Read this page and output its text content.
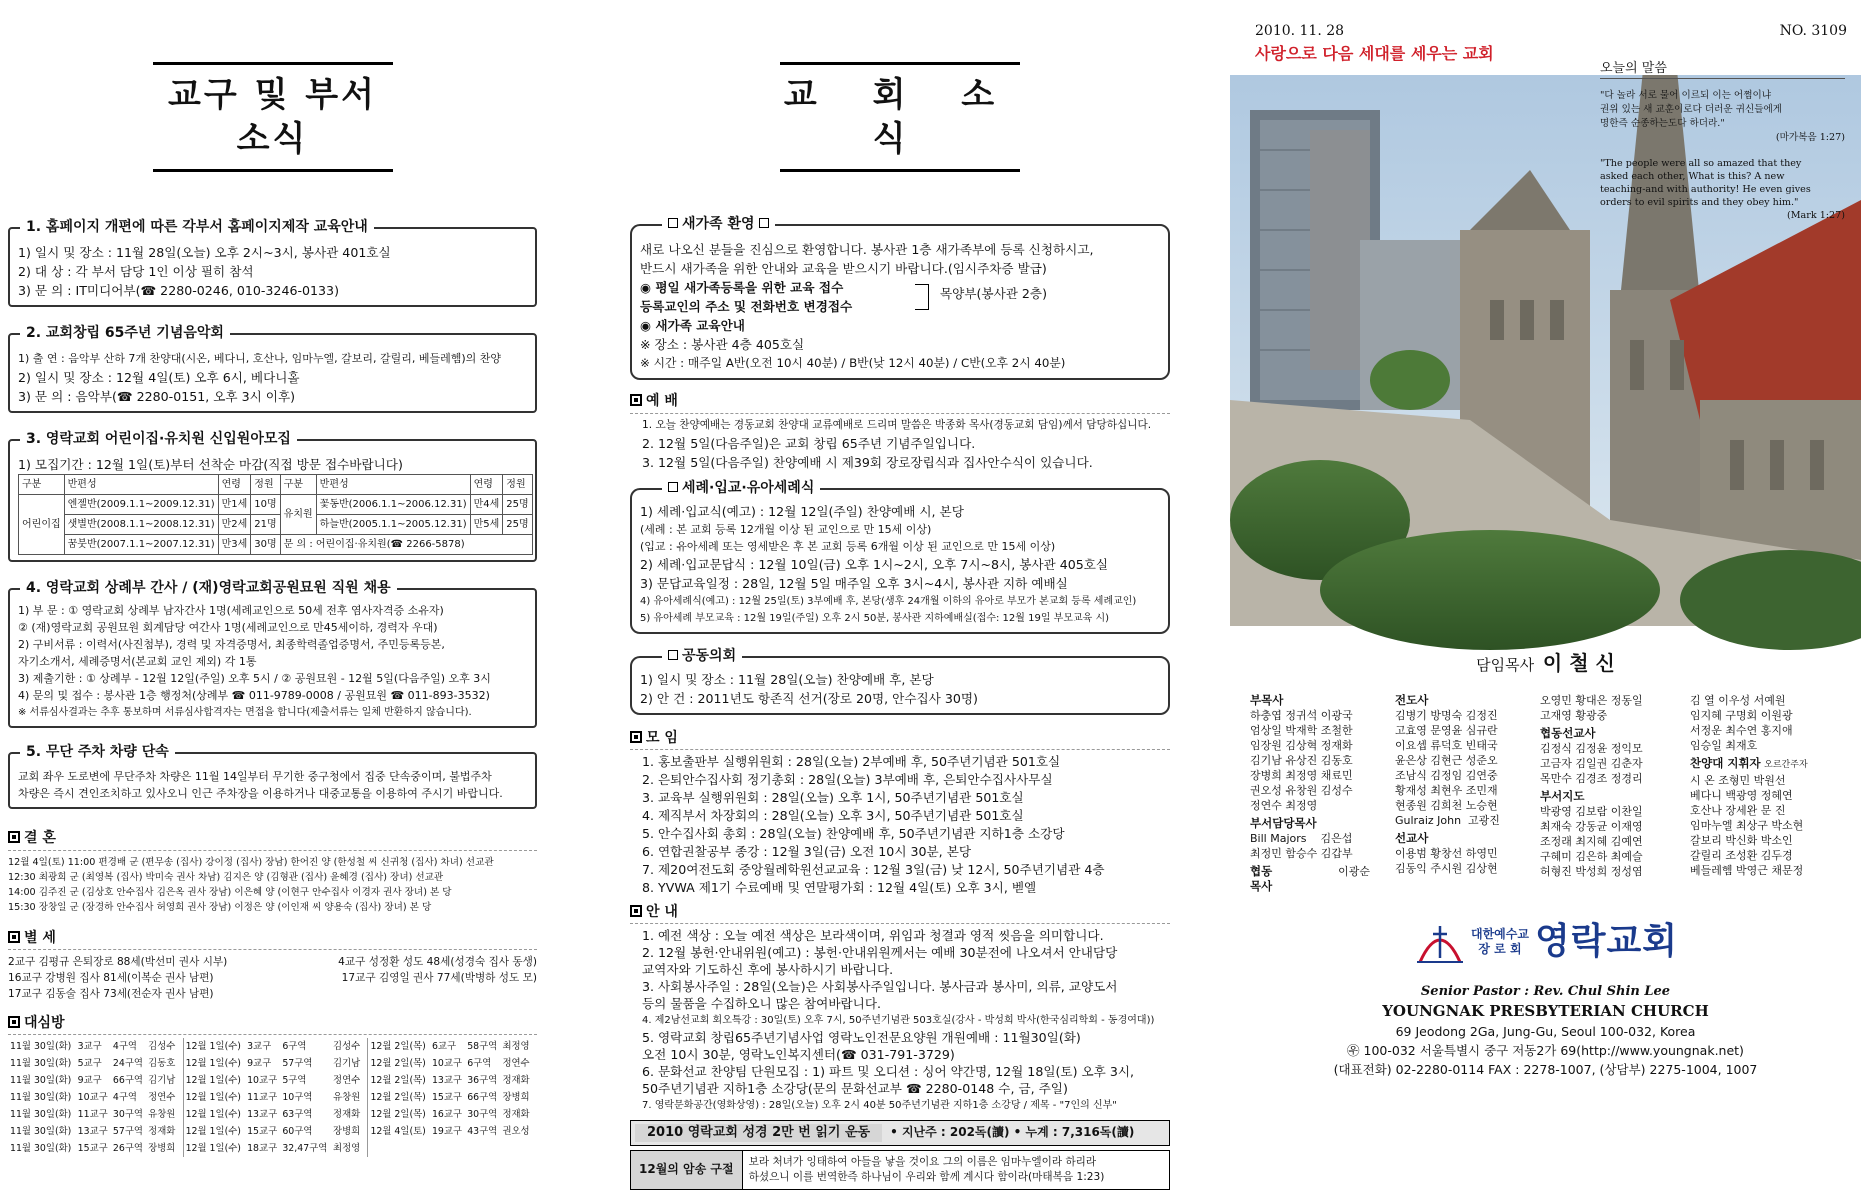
교구 및 부서소식
1. 홈페이지 개편에 따른 각부서 홈페이지제작 교육안내
1) 일시 및 장소 : 11월 28일(오늘) 오후 2시~3시, 봉사관 401호실
2) 대 상 : 각 부서 담당 1인 이상 필히 참석
3) 문 의 : IT미디어부(☎ 2280-0246, 010-3246-0133)
2. 교회창립 65주년 기념음악회
1) 출 연 : 음악부 산하 7개 찬양대(시온, 베다니, 호산나, 임마누엘, 갈보리, 갈릴리, 베들레헴)의 찬양
2) 일시 및 장소 : 12월 4일(토) 오후 6시, 베다니홀
3) 문 의 : 음악부(☎ 2280-0151, 오후 3시 이후)
3. 영락교회 어린이집·유치원 신입원아모집
1) 모집기간 : 12월 1일(토)부터 선착순 마감(직접 방문 접수바랍니다)
구분	반편성	연령	정원	구분	반편성	연령	정원
어린이집	엔젤반(2009.1.1~2009.12.31)	만1세	10명	유치원	꽃동반(2006.1.1~2006.12.31)	만4세	25명
	샛별반(2008.1.1~2008.12.31)	만2세	21명		하늘반(2005.1.1~2005.12.31)	만5세	25명
	꿈붓반(2007.1.1~2007.12.31)	만3세	30명	문 의 : 어린이집·유치원(☎ 2266-5878)			
4. 영락교회 상례부 간사 / (재)영락교회공원묘원 직원 채용
1) 부 문 : ① 영락교회 상례부 남자간사 1명(세례교인으로 50세 전후 염사자격증 소유자)
② (재)영락교회 공원묘원 회계담당 여간사 1명(세례교인으로 만45세이하, 경력자 우대)
2) 구비서류 : 이력서(사진첨부), 경력 및 자격증명서, 최종학력졸업증명서, 주민등록등본,
자기소개서, 세례증명서(본교회 교인 제외) 각 1통
3) 제출기한 : ① 상례부 - 12월 12일(주일) 오후 5시 / ② 공원묘원 - 12월 5일(다음주일) 오후 3시
4) 문의 및 접수 : 봉사관 1층 행정처(상례부 ☎ 011-9789-0008 / 공원묘원 ☎ 011-893-3532)
※ 서류심사결과는 추후 통보하며 서류심사합격자는 면접을 합니다(제출서류는 일체 반환하지 않습니다).
5. 무단 주차 차량 단속
교회 좌우 도로변에 무단주차 차량은 11월 14일부터 무기한 중구청에서 집중 단속중이며, 불법주차
차량은 즉시 견인조치하고 있사오니 인근 주차장을 이용하거나 대중교통을 이용하여 주시기 바랍니다.
결 혼
12월 4일(토) 11:00 편경배 군 (편무송 (집사) 강이정 (집사) 장남) 한어진 양 (한성철 씨 신귀청 (집사) 차녀) 선교관
12:30 최광희 군 (최영복 (집사) 박미숙 권사 차남) 김지은 양 (김형관 (집사) 윤혜경 (집사) 장녀) 선교관
14:00 김주진 군 (김상호 안수집사 김은옥 권사 장남) 이은혜 양 (이현구 안수집사 이경자 권사 장녀) 본 당
15:30 장창일 군 (장경하 안수집사 허영희 권사 장남) 이정은 양 (이인재 씨 양용숙 (집사) 장녀) 본 당
별 세
2교구 김평규 은퇴장로 88세(박선미 권사 시부)	4교구 성정환 성도 48세(성경숙 집사 동생)
16교구 강병원 집사 81세(이복순 권사 남편)	17교구 김영일 권사 77세(박병하 성도 모)
17교구 김동술 집사 73세(전순자 권사 남편)
대심방
11월 30일(화)	3교구	4구역	김성수	12월 1일(수)	3교구	6구역	김성수	12월 2일(목)	6교구	58구역	최정영
11월 30일(화)	5교구	24구역	김동호	12월 1일(수)	9교구	57구역	김기남	12월 2일(목)	10교구	6구역	정연수
11월 30일(화)	9교구	66구역	김기남	12월 1일(수)	10교구	5구역	정연수	12월 2일(목)	13교구	36구역	정재화
11월 30일(화)	10교구	4구역	정연수	12월 1일(수)	11교구	10구역	유창원	12월 2일(목)	15교구	66구역	장병희
11월 30일(화)	11교구	30구역	유창원	12월 1일(수)	13교구	63구역	정재화	12월 2일(목)	16교구	30구역	정재화
11월 30일(화)	13교구	57구역	정재화	12월 1일(수)	15교구	60구역	장병희	12월 4일(토)	19교구	43구역	권오성
11월 30일(화)	15교구	26구역	장병희	12월 1일(수)	18교구	32,47구역	최정영				
교 회 소 식
새가족 환영
새로 나오신 분들을 진심으로 환영합니다. 봉사관 1층 새가족부에 등록 신청하시고,
반드시 새가족을 위한 안내와 교육을 받으시기 바랍니다.(임시주차증 발급)
◉ 평일 새가족등록을 위한 교육 접수
등록교인의 주소 및 전화번호 변경접수
목양부(봉사관 2층)
◉ 새가족 교육안내
※ 장소 : 봉사관 4층 405호실
※ 시간 : 매주일 A반(오전 10시 40분) / B반(낮 12시 40분) / C반(오후 2시 40분)
예 배
1. 오늘 찬양예배는 경동교회 찬양대 교류예배로 드리며 말씀은 박종화 목사(경동교회 담임)께서 담당하십니다.
2. 12월 5일(다음주일)은 교회 창립 65주년 기념주일입니다.
3. 12월 5일(다음주일) 찬양예배 시 제39회 장로장립식과 집사안수식이 있습니다.
세례·입교·유아세례식
1) 세례·입교식(예고) : 12월 12일(주일) 찬양예배 시, 본당
(세례 : 본 교회 등록 12개월 이상 된 교인으로 만 15세 이상)
(입교 : 유아세례 또는 영세받은 후 본 교회 등록 6개월 이상 된 교인으로 만 15세 이상)
2) 세례·입교문답식 : 12월 10일(금) 오후 1시~2시, 오후 7시~8시, 봉사관 405호실
3) 문답교육일정 : 28일, 12월 5일 매주일 오후 3시~4시, 봉사관 지하 예배실
4) 유아세례식(예고) : 12월 25일(토) 3부예배 후, 본당(생후 24개월 이하의 유아로 부모가 본교회 등록 세례교인)
5) 유아세례 부모교육 : 12월 19일(주일) 오후 2시 50분, 봉사관 지하예배실(접수: 12월 19일 부모교육 시)
공동의회
1) 일시 및 장소 : 11월 28일(오늘) 찬양예배 후, 본당
2) 안 건 : 2011년도 항존직 선거(장로 20명, 안수집사 30명)
모 임
1. 홍보출판부 실행위원회 : 28일(오늘) 2부예배 후, 50주년기념관 501호실
2. 은퇴안수집사회 정기총회 : 28일(오늘) 3부예배 후, 은퇴안수집사사무실
3. 교육부 실행위원회 : 28일(오늘) 오후 1시, 50주년기념관 501호실
4. 제직부서 차장회의 : 28일(오늘) 오후 3시, 50주년기념관 501호실
5. 안수집사회 총회 : 28일(오늘) 찬양예배 후, 50주년기념관 지하1층 소강당
6. 연합권찰공부 종강 : 12월 3일(금) 오전 10시 30분, 본당
7. 제20여전도회 중앙월례학원선교교육 : 12월 3일(금) 낮 12시, 50주년기념관 4층
8. YVWA 제1기 수료예배 및 연말평가회 : 12월 4일(토) 오후 3시, 벧엘
안 내
1. 예전 색상 : 오늘 예전 색상은 보라색이며, 위임과 청결과 영적 씻음을 의미합니다.
2. 12월 봉헌·안내위원(예고) : 봉헌·안내위원께서는 예배 30분전에 나오셔서 안내담당
교역자와 기도하신 후에 봉사하시기 바랍니다.
3. 사회봉사주일 : 28일(오늘)은 사회봉사주일입니다. 봉사금과 봉사미, 의류, 교양도서
등의 물품을 수집하오니 많은 참여바랍니다.
4. 제2남선교회 회오특강 : 30일(토) 오후 7시, 50주년기념관 503호실(강사 - 박성희 박사(한국심리학회 - 동경여대))
5. 영락교회 창립65주년기념사업 영락노인전문요양원 개원예배 : 11월30일(화)
오전 10시 30분, 영락노인복지센터(☎ 031-791-3729)
6. 문화선교 찬양팀 단원모집 : 1) 파트 및 오디션 : 싱어 약간명, 12월 18일(토) 오후 3시,
50주년기념관 지하1층 소강당(문의 문화선교부 ☎ 2280-0148 수, 금, 주일)
7. 영락문화공간(영화상영) : 28일(오늘) 오후 2시 40분 50주년기념관 지하1층 소강당 / 제목 - "7인의 신부"
2010 영락교회 성경 2만 번 읽기 운동	• 지난주 : 202독(讀) • 누계 : 7,316독(讀)
12월의 암송 구절
보라 처녀가 잉태하여 아들을 낳을 것이요 그의 이름은 임마누엘이라 하리라
하셨으니 이를 번역한즉 하나님이 우리와 함께 계시다 함이라(마태복음 1:23)
2010. 11. 28	NO. 3109
사랑으로 다음 세대를 세우는 교회
오늘의 말씀
"다 놀라 서로 물어 이르되 이는 어쩜이냐
권위 있는 새 교훈이로다 더러운 귀신들에게
명한즉 순종하는도다 하더라."
(마가복음 1:27)
"The people were all so amazed that they
asked each other, What is this? A new
teaching-and with authority! He even gives
orders to evil spirits and they obey him."
(Mark 1:27)
담임목사 이 철 신
부목사
하충엽 정귀석 이광국
엄상일 박재학 조철한
임장원 김상혁 정재화
김기남 유상진 김동호
장병희 최정영 채료민
권오성 유창원 김성수
정연수 최정영
부서담당목사
Bill Majors    김은섭
최정민 함승수 김갑부
협동목사
이광순
전도사
김병기 방명숙 김정진
고효영 문영윤 심규란
이요셉 류덕호 빈태국
윤은상 김현근 성준오
조남식 김정임 김연중
황재성 최현우 조민재
현종원 김희천 노승현
Gulraiz John  고광진
선교사
이용범 황창선 하영민
김동익 주시원 김상현
오영민 황대은 정동일
고재영 황광중
협동선교사
김정식 김정윤 정익모
고금자 김일권 김춘자
목만수 김경조 정경리
부서지도
박광영 김보람 이찬일
최재숙 강동균 이재영
조정래 최지혜 김예연
구혜미 김은하 최예슬
허형진 박성희 정성염
김 열 이우성 서예원
임지혜 구명회 이원광
서정운 최수연 홍지애
임승일 최재호
찬양대 지휘자 오르간주자
시 온 조형민 박원선
베다니 백광영 정혜연
호산나 장세완 문 진
임마누엘 최상구 박소현
갈보리 박신화 박소인
갈릴리 조성환 김두경
베들레헴 박영근 채문정
대한예수교
장 로 회 영락교회
Senior Pastor : Rev. Chul Shin Lee
YOUNGNAK PRESBYTERIAN CHURCH
69 Jeodong 2Ga, Jung-Gu, Seoul 100-032, Korea
㉾ 100-032 서울특별시 중구 저동2가 69(http://www.youngnak.net)
(대표전화) 02-2280-0114 FAX : 2278-1007, (상담부) 2275-1004, 1007
